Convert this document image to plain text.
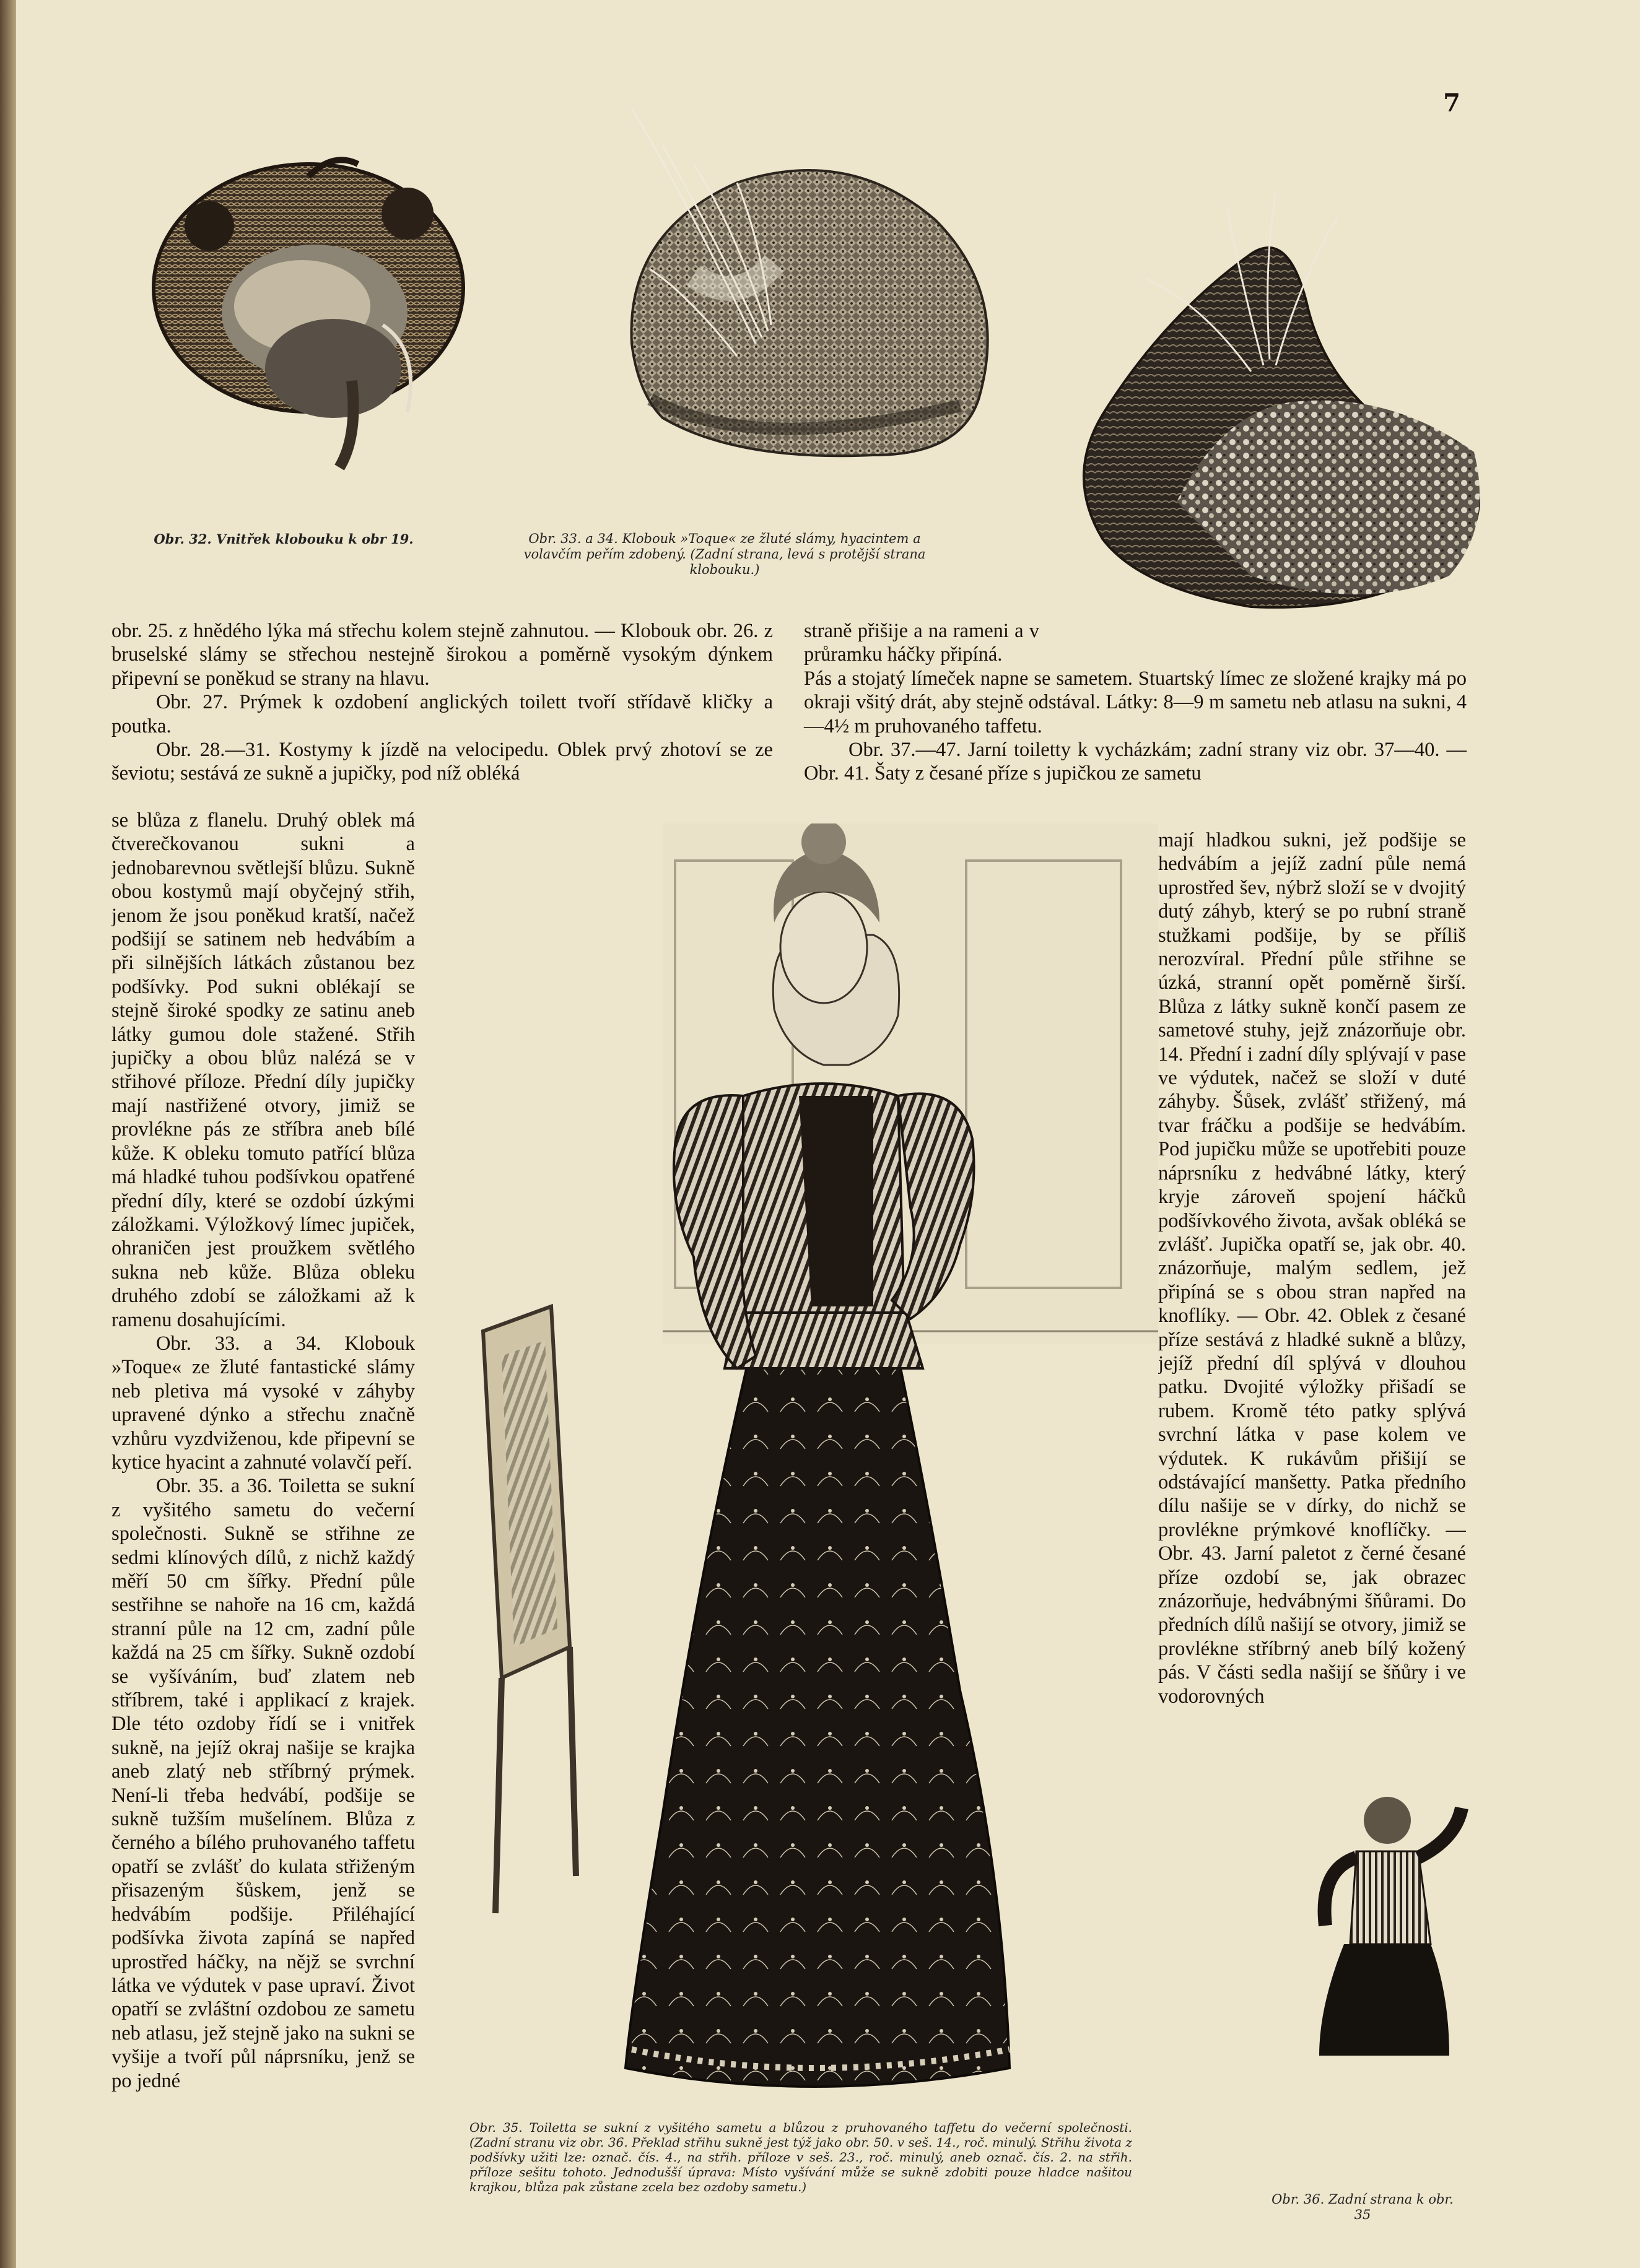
7
Obr. 32. Vnitřek klobouku k obr 19.	Obr. 33. a 34. Klobouk »Toque« ze žluté slámy, hyacintem a volavčím peřím zdobený. (Zadní strana, levá s protější strana klobouku.)

obr. 25. z hnědého lýka má střechu kolem stejně zahnutou. — Klobouk obr. 26. z bruselské slámy se střechou nestejně širokou a poměrně vysokým dýnkem připevní se poněkud se strany na hlavu.

Obr. 27. Prýmek k ozdobení anglických toilett tvoří střídavě kličky a poutka.

Obr. 28.—31. Kostymy k jízdě na velocipedu. Oblek prvý zhotoví se ze ševiotu; sestává ze sukně a jupičky, pod níž obléká

straně přišije a na rameni a v průramku háčky připíná.

Pás a stojatý límeček napne se sametem. Stuartský límec ze složené krajky má po okraji všitý drát, aby stejně odstával. Látky: 8—9 m sametu neb atlasu na sukni, 4—4½ m pruhovaného taffetu.

Obr. 37.—47. Jarní toiletty k vycházkám; zadní strany viz obr. 37—40. — Obr. 41. Šaty z česané příze s jupičkou ze sametu

se blůza z flanelu. Druhý oblek má čtverečkovanou sukni a jednobarevnou světlejší blůzu. Sukně obou kostymů mají obyčejný střih, jenom že jsou poněkud kratší, načež podšijí se satinem neb hedvábím a při silnějších látkách zůstanou bez podšívky. Pod sukni oblékají se stejně široké spodky ze satinu aneb látky gumou dole stažené. Střih jupičky a obou blůz nalézá se v střihové příloze. Přední díly jupičky mají nastřižené otvory, jimiž se provlékne pás ze stříbra aneb bílé kůže. K obleku tomuto patřící blůza má hladké tuhou podšívkou opatřené přední díly, které se ozdobí úzkými záložkami. Výložkový límec jupiček, ohraničen jest proužkem světlého sukna neb kůže. Blůza obleku druhého zdobí se záložkami až k ramenu dosahujícími.

Obr. 33. a 34. Klobouk »Toque« ze žluté fantastické slámy neb pletiva má vysoké v záhyby upravené dýnko a střechu značně vzhůru vyzdviženou, kde připevní se kytice hyacint a zahnuté volavčí peří.

Obr. 35. a 36. Toiletta se sukní z vyšitého sametu do večerní společnosti. Sukně se střihne ze sedmi klínových dílů, z nichž každý měří 50 cm šířky. Přední půle sestřihne se nahoře na 16 cm, každá stranní půle na 12 cm, zadní půle každá na 25 cm šířky. Sukně ozdobí se vyšíváním, buď zlatem neb stříbrem, také i applikací z krajek. Dle této ozdoby řídí se i vnitřek sukně, na jejíž okraj našije se krajka aneb zlatý neb stříbrný prýmek. Není-li třeba hedvábí, podšije se sukně tužším mušelínem. Blůza z černého a bílého pruhovaného taffetu opatří se zvlášť do kulata střiženým přisazeným šůskem, jenž se hedvábím podšije. Přiléhající podšívka života zapíná se napřed uprostřed háčky, na nějž se svrchní látka ve výdutek v pase upraví. Život opatří se zvláštní ozdobou ze sametu neb atlasu, jež stejně jako na sukni se vyšije a tvoří půl náprsníku, jenž se po jedné

mají hladkou sukni, jež podšije se hedvábím a jejíž zadní půle nemá uprostřed šev, nýbrž složí se v dvojitý dutý záhyb, který se po rubní straně stužkami podšije, by se příliš nerozvíral. Přední půle střihne se úzká, stranní opět poměrně širší. Blůza z látky sukně končí pasem ze sametové stuhy, jejž znázorňuje obr. 14. Přední i zadní díly splývají v pase ve výdutek, načež se složí v duté záhyby. Šůsek, zvlášť střižený, má tvar fráčku a podšije se hedvábím. Pod jupičku může se upotřebiti pouze náprsníku z hedvábné látky, který kryje zároveň spojení háčků podšívkového života, avšak obléká se zvlášť. Jupička opatří se, jak obr. 40. znázorňuje, malým sedlem, jež připíná se s obou stran napřed na knoflíky. — Obr. 42. Oblek z česané příze sestává z hladké sukně a blůzy, jejíž přední díl splývá v dlouhou patku. Dvojité výložky přišadí se rubem. Kromě této patky splývá svrchní látka v pase kolem ve výdutek. K rukávům přišijí se odstávající manšetty. Patka předního dílu našije se v dírky, do nichž se provlékne prýmkové knoflíčky. — Obr. 43. Jarní paletot z černé česané příze ozdobí se, jak obrazec znázorňuje, hedvábnými šňůrami. Do předních dílů našijí se otvory, jimiž se provlékne stříbrný aneb bílý kožený pás. V části sedla našijí se šňůry i ve vodorovných

Obr. 35. Toiletta se sukní z vyšitého sametu a blůzou z pruhovaného taffetu do večerní společnosti. (Zadní stranu viz obr. 36. Překlad střihu sukně jest týž jako obr. 50. v seš. 14., roč. minulý. Střihu života z podšívky užiti lze: označ. čís. 4., na střih. příloze v seš. 23., roč. minulý, aneb označ. čís. 2. na střih. příloze sešitu tohoto. Jednodušší úprava: Místo vyšívání může se sukně zdobiti pouze hladce našitou krajkou, blůza pak zůstane zcela bez ozdoby sametu.)
Obr. 36. Zadní strana k obr. 35
